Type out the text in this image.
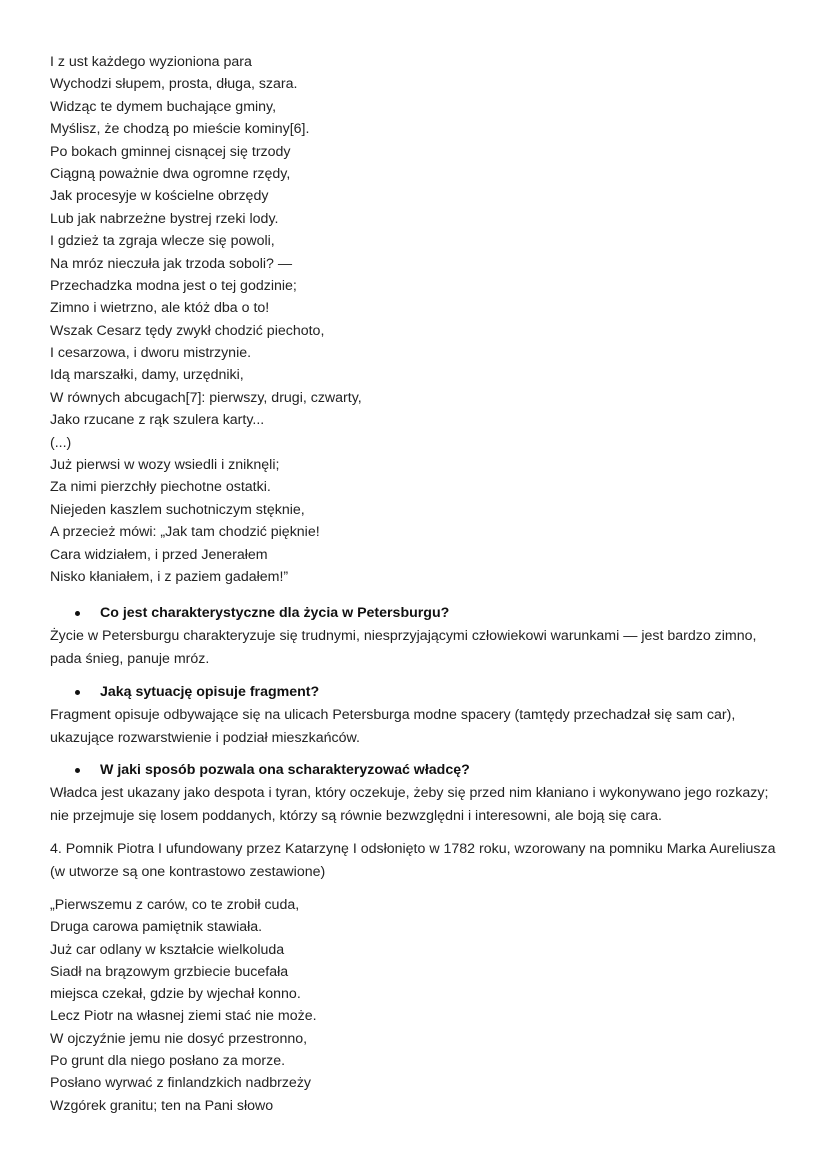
I z ust każdego wyzioniona para
Wychodzi słupem, prosta, długa, szara.
Widząc te dymem buchające gminy,
Myślisz, że chodzą po mieście kominy[6].
Po bokach gminnej cisnącej się trzody
Ciągną poważnie dwa ogromne rzędy,
Jak procesyje w kościelne obrzędy
Lub jak nabrzeżne bystrej rzeki lody.
I gdzież ta zgraja wlecze się powoli,
Na mróz nieczuła jak trzoda soboli? —
Przechadzka modna jest o tej godzinie;
Zimno i wietrzno, ale któż dba o to!
Wszak Cesarz tędy zwykł chodzić piechoto,
I cesarzowa, i dworu mistrzynie.
Idą marszałki, damy, urzędniki,
W równych abcugach[7]: pierwszy, drugi, czwarty,
Jako rzucane z rąk szulera karty...
(...)
Już pierwsi w wozy wsiedli i zniknęli;
Za nimi pierzchły piechotne ostatki.
Niejeden kaszlem suchotniczym stęknie,
A przecież mówi: „Jak tam chodzić pięknie!
Cara widziałem, i przed Jenerałem
Nisko kłaniałem, i z paziem gadałem!”
Co jest charakterystyczne dla życia w Petersburgu?
Życie w Petersburgu charakteryzuje się trudnymi, niesprzyjającymi człowiekowi warunkami — jest bardzo zimno, pada śnieg, panuje mróz.
Jaką sytuację opisuje fragment?
Fragment opisuje odbywające się na ulicach Petersburga modne spacery (tamtędy przechadzał się sam car), ukazujące rozwarstwienie i podział mieszkańców.
W jaki sposób pozwala ona scharakteryzować władcę?
Władca jest ukazany jako despota i tyran, który oczekuje, żeby się przed nim kłaniano i wykonywano jego rozkazy; nie przejmuje się losem poddanych, którzy są równie bezwzględni i interesowni, ale boją się cara.
4. Pomnik Piotra I ufundowany przez Katarzynę I odsłonięto w 1782 roku, wzorowany na pomniku Marka Aureliusza (w utworze są one kontrastowo zestawione)
„Pierwszemu z carów, co te zrobił cuda,
Druga carowa pamiętnik stawiała.
Już car odlany w kształcie wielkoluda
Siadł na brązowym grzbiecie bucefała
miejsca czekał, gdzie by wjechał konno.
Lecz Piotr na własnej ziemi stać nie może.
W ojczyźnie jemu nie dosyć przestronno,
Po grunt dla niego posłano za morze.
Posłano wyrwać z finlandzkich nadbrzeży
Wzgórek granitu; ten na Pani słowo
